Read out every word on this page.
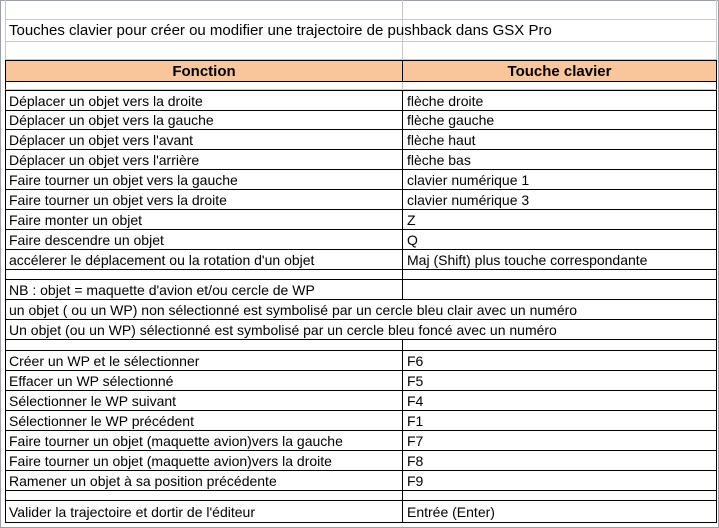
Touches clavier pour créer ou modifier une trajectoire de pushback dans GSX Pro
Fonction	Touche clavier
Déplacer un objet vers la droite	flèche droite
Déplacer un objet vers la gauche	flèche gauche
Déplacer un objet vers l'avant	flèche haut
Déplacer un objet vers l'arrière	flèche bas
Faire tourner un objet vers la gauche	clavier numérique 1
Faire tourner un objet vers la droite	clavier numérique 3
Faire monter un objet	Z
Faire descendre un objet	Q
accélerer le déplacement ou la rotation d'un objet	Maj (Shift) plus touche correspondante
NB : objet = maquette d'avion et/ou cercle de WP
un objet ( ou un WP) non sélectionné est symbolisé par un cercle bleu clair avec un numéro
Un objet (ou un WP) sélectionné est symbolisé par un cercle bleu foncé avec un numéro
Créer un WP et le sélectionner	F6
Effacer un WP sélectionné	F5
Sélectionner le WP suivant	F4
Sélectionner le WP précédent	F1
Faire tourner un objet (maquette avion)vers la gauche	F7
Faire tourner un objet (maquette avion)vers la droite	F8
Ramener un objet à sa position précédente	F9
Valider la trajectoire et dortir de l'éditeur	Entrée (Enter)
